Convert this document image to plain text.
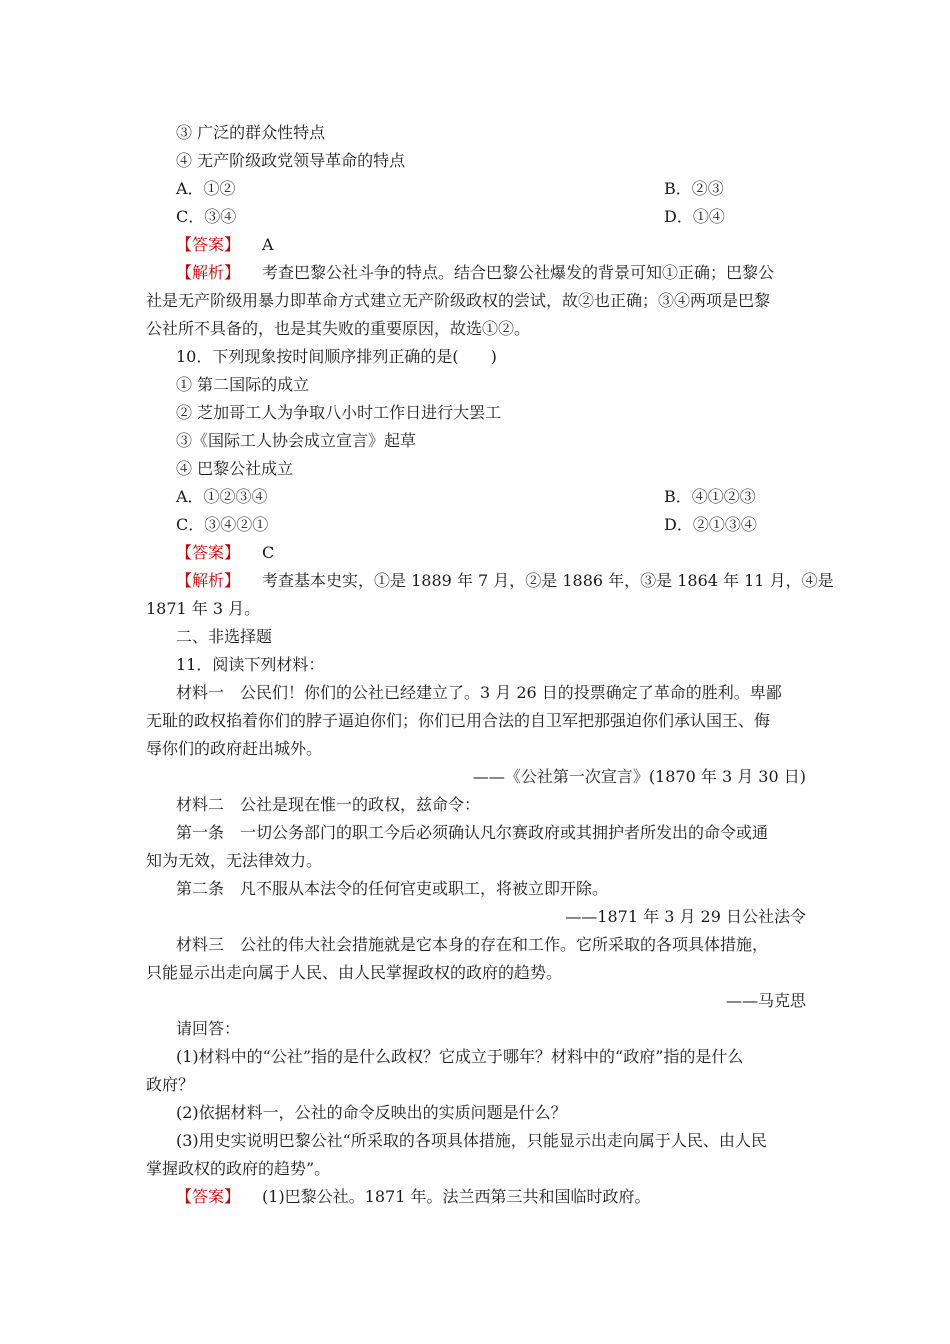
③ 广泛的群众性特点
④ 无产阶级政党领导革命的特点
A．①②	B．②③
C．③④	D．①④
【答案】 A
【解析】 考查巴黎公社斗争的特点。结合巴黎公社爆发的背景可知①正确；巴黎公
社是无产阶级用暴力即革命方式建立无产阶级政权的尝试，故②也正确；③④两项是巴黎
公社所不具备的，也是其失败的重要原因，故选①②。
10．下列现象按时间顺序排列正确的是(　　)
① 第二国际的成立
② 芝加哥工人为争取八小时工作日进行大罢工
③《国际工人协会成立宣言》起草
④ 巴黎公社成立
A．①②③④	B．④①②③
C．③④②①	D．②①③④
【答案】 C
【解析】 考查基本史实，①是 1889 年 7 月，②是 1886 年，③是 1864 年 11 月，④是
1871 年 3 月。
二、非选择题
11．阅读下列材料：
材料一　公民们！你们的公社已经建立了。3 月 26 日的投票确定了革命的胜利。卑鄙
无耻的政权掐着你们的脖子逼迫你们；你们已用合法的自卫军把那强迫你们承认国王、侮
辱你们的政府赶出城外。
——《公社第一次宣言》(1870 年 3 月 30 日)
材料二　公社是现在惟一的政权，兹命令：
第一条　一切公务部门的职工今后必须确认凡尔赛政府或其拥护者所发出的命令或通
知为无效，无法律效力。
第二条　凡不服从本法令的任何官吏或职工，将被立即开除。
——1871 年 3 月 29 日公社法令
材料三　公社的伟大社会措施就是它本身的存在和工作。它所采取的各项具体措施，
只能显示出走向属于人民、由人民掌握政权的政府的趋势。
——马克思
请回答：
(1)材料中的“公社”指的是什么政权？它成立于哪年？材料中的“政府”指的是什么
政府？
(2)依据材料一，公社的命令反映出的实质问题是什么？
(3)用史实说明巴黎公社“所采取的各项具体措施，只能显示出走向属于人民、由人民
掌握政权的政府的趋势”。
【答案】 (1)巴黎公社。1871 年。法兰西第三共和国临时政府。
